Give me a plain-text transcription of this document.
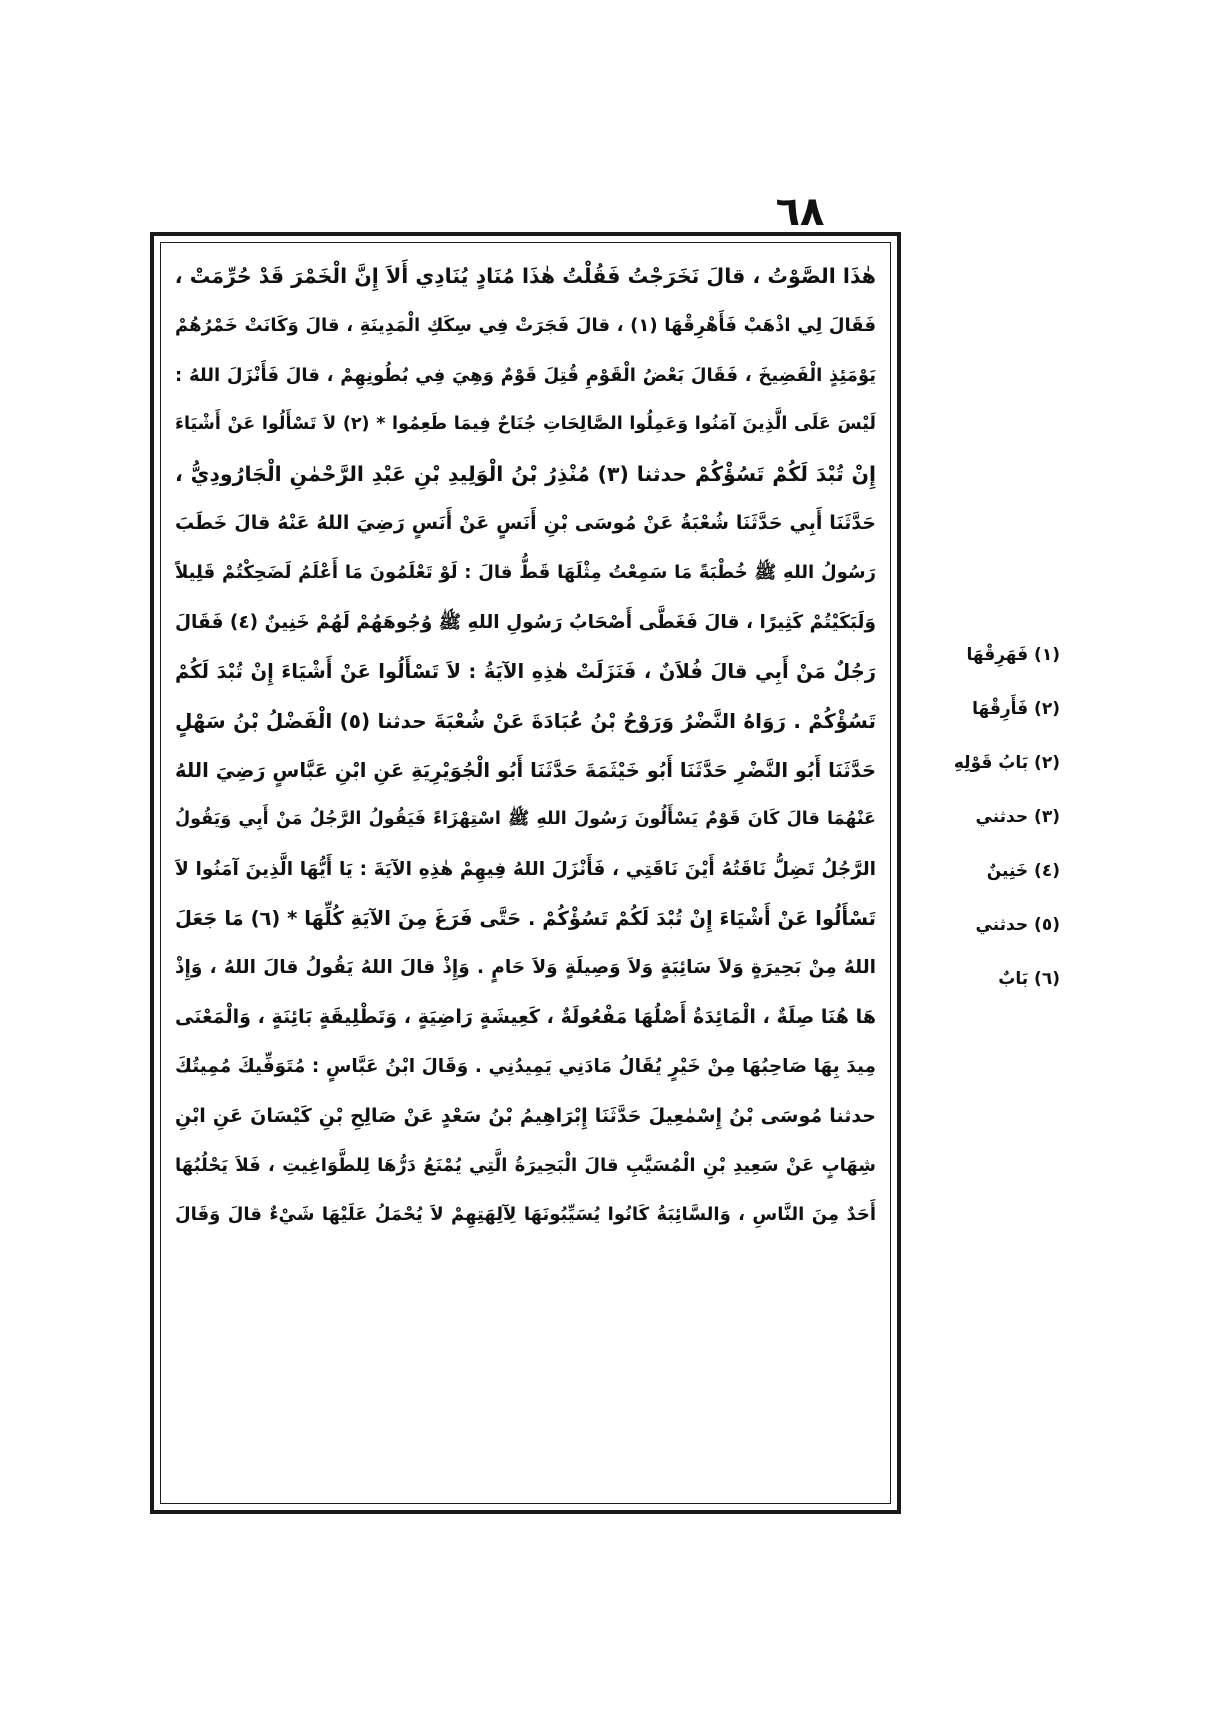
٦٨
هٰذَا الصَّوْتُ ، قالَ نَخَرَجْتُ فَقُلْتُ هٰذَا مُنَادٍ يُنَادِي أَلاَ إِنَّ الْخَمْرَ قَدْ حُرِّمَتْ ،
فَقَالَ لِي اذْهَبْ فَأَهْرِقْهَا (١) ، قالَ فَجَرَتْ فِي سِكَكِ الْمَدِينَةِ ، قالَ وَكَانَتْ خَمْرُهُمْ
يَوْمَئِذٍ الْفَضِيخَ ، فَقَالَ بَعْضُ الْقَوْمِ قُتِلَ قَوْمٌ وَهِيَ فِي بُطُونِهِمْ ، قالَ فَأَنْزَلَ اللهُ :
لَيْسَ عَلَى الَّذِينَ آمَنُوا وَعَمِلُوا الصَّالِحَاتِ جُنَاحٌ فِيمَا طَعِمُوا * (٢) لاَ تَسْأَلُوا عَنْ أَشْيَاءَ
إِنْ تُبْدَ لَكُمْ تَسُؤْكُمْ حدثنا (٣) مُنْذِرُ بْنُ الْوَلِيدِ بْنِ عَبْدِ الرَّحْمٰنِ الْجَارُودِيُّ ،
حَدَّثَنَا أَبِي حَدَّثَنَا شُعْبَةُ عَنْ مُوسَى بْنِ أَنَسٍ عَنْ أَنَسٍ رَضِيَ اللهُ عَنْهُ قالَ خَطَبَ
رَسُولُ اللهِ ﷺ خُطْبَةً مَا سَمِعْتُ مِثْلَهَا قَطُّ قالَ : لَوْ تَعْلَمُونَ مَا أَعْلَمُ لَضَحِكْتُمْ قَلِيلاً
وَلَبَكَيْتُمْ كَثِيرًا ، قالَ فَغَطَّى أَصْحَابُ رَسُولِ اللهِ ﷺ وُجُوهَهُمْ لَهُمْ خَنِينٌ (٤) فَقَالَ
رَجُلٌ مَنْ أَبِي قالَ فُلاَنٌ ، فَنَزَلَتْ هٰذِهِ الآيَةُ : لاَ تَسْأَلُوا عَنْ أَشْيَاءَ إِنْ تُبْدَ لَكُمْ
تَسُؤْكُمْ . رَوَاهُ النَّضْرُ وَرَوْحُ بْنُ عُبَادَةَ عَنْ شُعْبَةَ حدثنا (٥) الْفَضْلُ بْنُ سَهْلٍ
حَدَّثَنَا أَبُو النَّضْرِ حَدَّثَنَا أَبُو خَيْثَمَةَ حَدَّثَنَا أَبُو الْجُوَيْرِيَةِ عَنِ ابْنِ عَبَّاسٍ رَضِيَ اللهُ
عَنْهُمَا قالَ كَانَ قَوْمٌ يَسْأَلُونَ رَسُولَ اللهِ ﷺ اسْتِهْزَاءً فَيَقُولُ الرَّجُلُ مَنْ أَبِي وَيَقُولُ
الرَّجُلُ تَضِلُّ نَاقَتُهُ أَيْنَ نَاقَتِي ، فَأَنْزَلَ اللهُ فِيهِمْ هٰذِهِ الآيَةَ : يَا أَيُّهَا الَّذِينَ آمَنُوا لاَ
تَسْأَلُوا عَنْ أَشْيَاءَ إِنْ تُبْدَ لَكُمْ تَسُؤْكُمْ . حَتَّى فَرَغَ مِنَ الآيَةِ كُلِّهَا * (٦) مَا جَعَلَ
اللهُ مِنْ بَحِيرَةٍ وَلاَ سَائِبَةٍ وَلاَ وَصِيلَةٍ وَلاَ حَامٍ . وَإِذْ قالَ اللهُ يَقُولُ قالَ اللهُ ، وَإِذْ
هَا هُنَا صِلَةٌ ، الْمَائِدَةُ أَصْلُهَا مَفْعُولَةٌ ، كَعِيشَةٍ رَاضِيَةٍ ، وَتَطْلِيقَةٍ بَائِنَةٍ ، وَالْمَعْنَى
مِيدَ بِهَا صَاحِبُهَا مِنْ خَيْرٍ يُقَالُ مَادَنِي يَمِيدُنِي . وَقَالَ ابْنُ عَبَّاسٍ : مُتَوَفِّيكَ مُمِيتُكَ
حدثنا مُوسَى بْنُ إِسْمٰعِيلَ حَدَّثَنَا إِبْرَاهِيمُ بْنُ سَعْدٍ عَنْ صَالِحِ بْنِ كَيْسَانَ عَنِ ابْنِ
شِهَابٍ عَنْ سَعِيدِ بْنِ الْمُسَيَّبِ قالَ الْبَحِيرَةُ الَّتِي يُمْنَعُ دَرُّهَا لِلطَّوَاغِيتِ ، فَلاَ يَحْلُبُهَا
أَحَدٌ مِنَ النَّاسِ ، وَالسَّائِبَةُ كَانُوا يُسَيِّبُونَهَا لِآلِهَتِهِمْ لاَ يُحْمَلُ عَلَيْهَا شَيْءٌ قالَ وَقَالَ
(١) فَهَرِقْهَا
(٢) فَأَرِقْهَا
(٢) بَابُ قَوْلِهِ
(٣) حدثني
(٤) خَنِينٌ
(٥) حدثني
(٦) بَابٌ
